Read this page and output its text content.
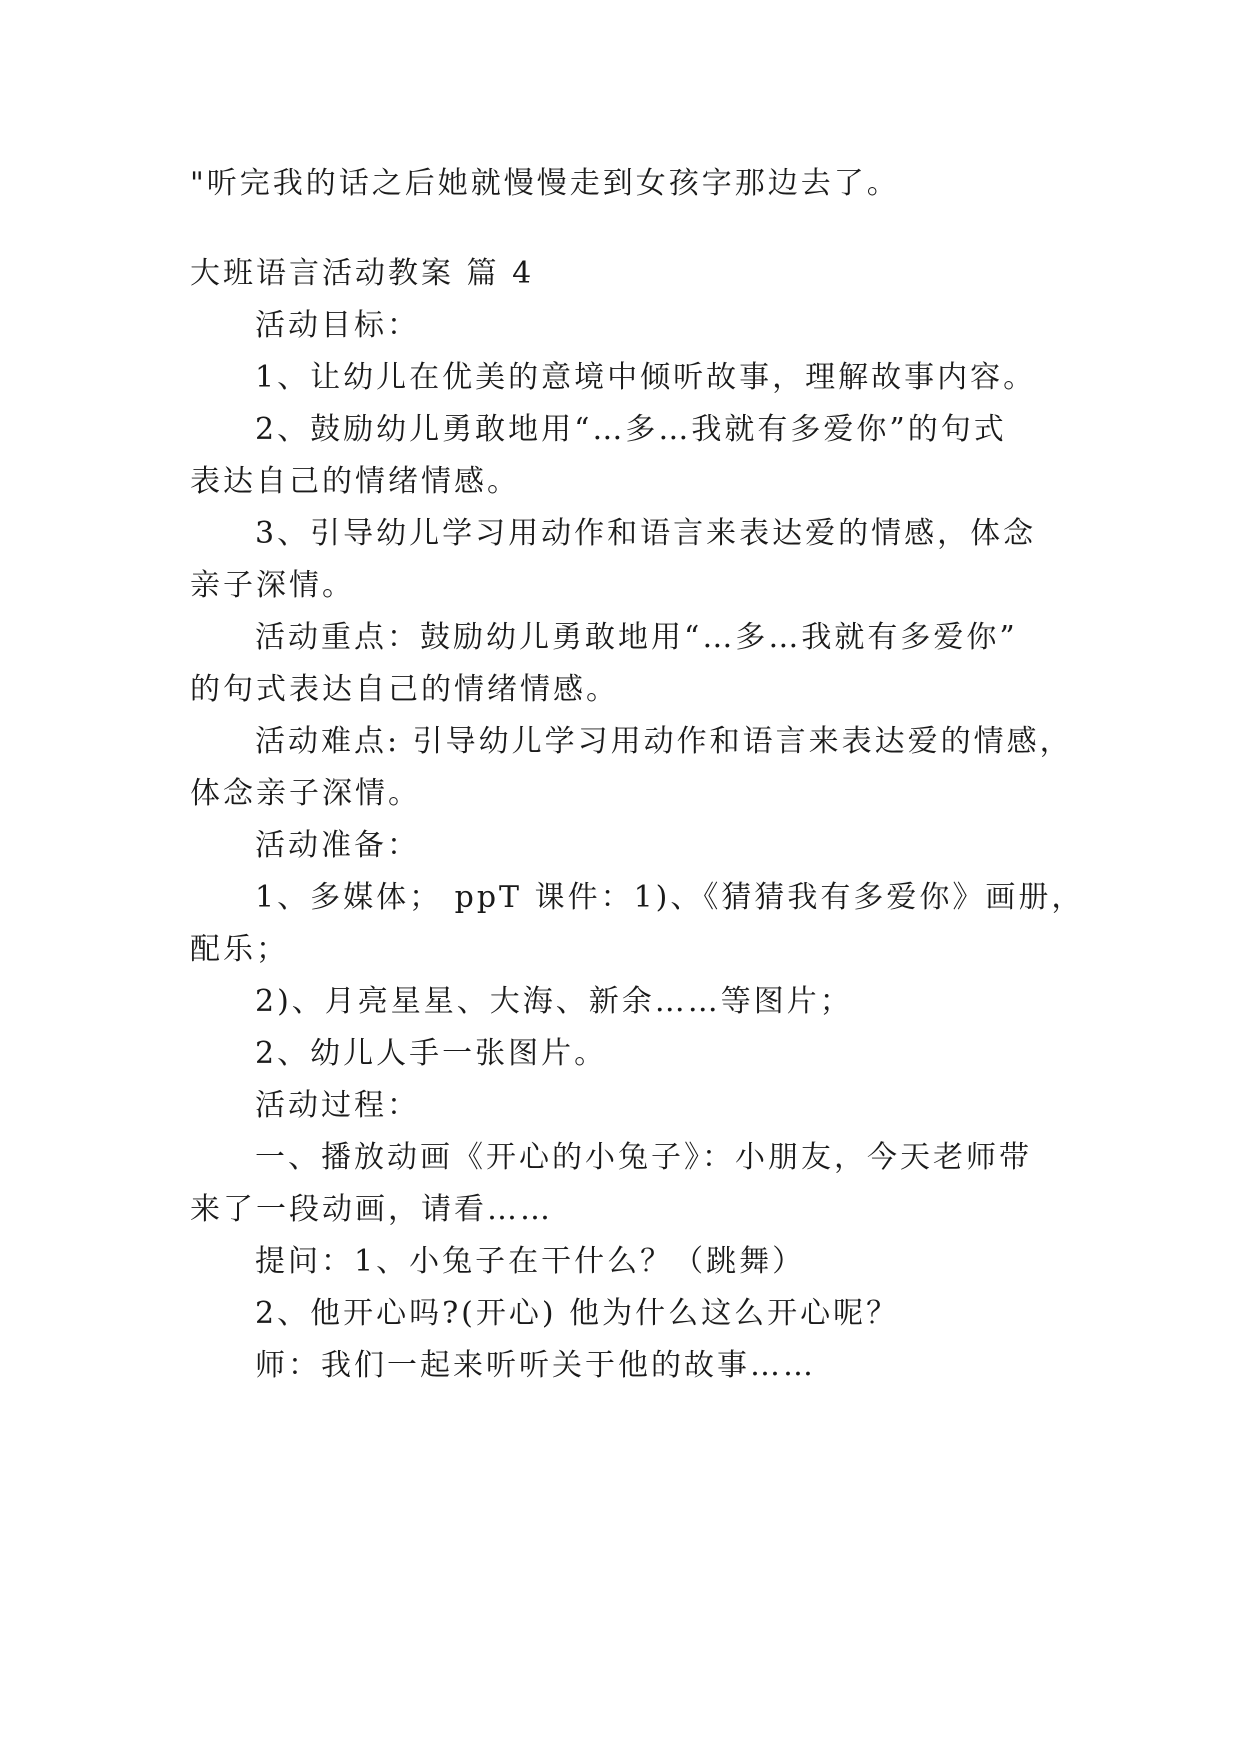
"听完我的话之后她就慢慢走到女孩字那边去了。
大班语言活动教案 篇 4
活动目标：
1、让幼儿在优美的意境中倾听故事，理解故事内容。
2、鼓励幼儿勇敢地用“…多…我就有多爱你”的句式
表达自己的情绪情感。
3、引导幼儿学习用动作和语言来表达爱的情感，体念
亲子深情。
活动重点：鼓励幼儿勇敢地用“…多…我就有多爱你”
的句式表达自己的情绪情感。
活动难点: 引导幼儿学习用动作和语言来表达爱的情感，
体念亲子深情。
活动准备：
1、多媒体； ppT 课件：1)、《猜猜我有多爱你》画册，
配乐；
2)、月亮星星、大海、新余……等图片；
2、幼儿人手一张图片。
活动过程：
一、播放动画《开心的小兔子》：小朋友，今天老师带
来了一段动画，请看……
提问：1、小兔子在干什么？（跳舞）
2、他开心吗?(开心) 他为什么这么开心呢？
师：我们一起来听听关于他的故事……
